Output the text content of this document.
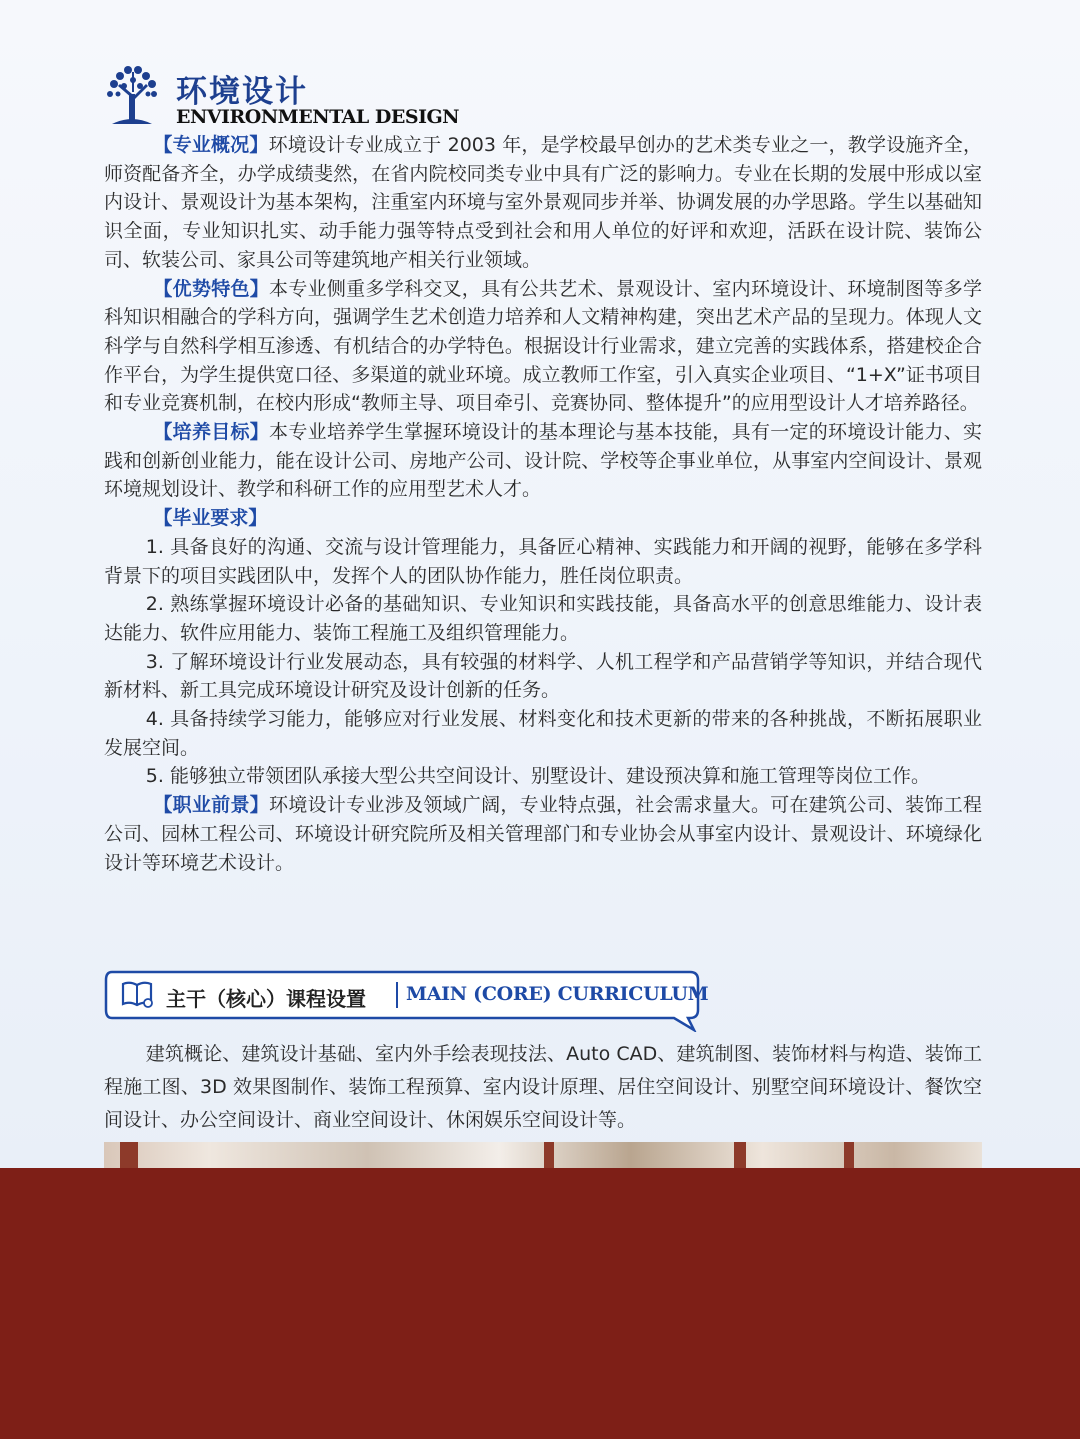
环境设计
ENVIRONMENTAL DESIGN

【专业概况】环境设计专业成立于 2003 年，是学校最早创办的艺术类专业之一，教学设施齐全，师资配备齐全，办学成绩斐然，在省内院校同类专业中具有广泛的影响力。专业在长期的发展中形成以室内设计、景观设计为基本架构，注重室内环境与室外景观同步并举、协调发展的办学思路。学生以基础知识全面，专业知识扎实、动手能力强等特点受到社会和用人单位的好评和欢迎，活跃在设计院、装饰公司、软装公司、家具公司等建筑地产相关行业领域。

【优势特色】本专业侧重多学科交叉，具有公共艺术、景观设计、室内环境设计、环境制图等多学科知识相融合的学科方向，强调学生艺术创造力培养和人文精神构建，突出艺术产品的呈现力。体现人文科学与自然科学相互渗透、有机结合的办学特色。根据设计行业需求，建立完善的实践体系，搭建校企合作平台，为学生提供宽口径、多渠道的就业环境。成立教师工作室，引入真实企业项目、“1+X”证书项目和专业竞赛机制，在校内形成“教师主导、项目牵引、竞赛协同、整体提升”的应用型设计人才培养路径。

【培养目标】本专业培养学生掌握环境设计的基本理论与基本技能，具有一定的环境设计能力、实践和创新创业能力，能在设计公司、房地产公司、设计院、学校等企事业单位，从事室内空间设计、景观环境规划设计、教学和科研工作的应用型艺术人才。

【毕业要求】

1. 具备良好的沟通、交流与设计管理能力，具备匠心精神、实践能力和开阔的视野，能够在多学科背景下的项目实践团队中，发挥个人的团队协作能力，胜任岗位职责。

2. 熟练掌握环境设计必备的基础知识、专业知识和实践技能，具备高水平的创意思维能力、设计表达能力、软件应用能力、装饰工程施工及组织管理能力。

3. 了解环境设计行业发展动态，具有较强的材料学、人机工程学和产品营销学等知识，并结合现代新材料、新工具完成环境设计研究及设计创新的任务。

4. 具备持续学习能力，能够应对行业发展、材料变化和技术更新的带来的各种挑战，不断拓展职业发展空间。

5. 能够独立带领团队承接大型公共空间设计、别墅设计、建设预决算和施工管理等岗位工作。

【职业前景】环境设计专业涉及领域广阔，专业特点强，社会需求量大。可在建筑公司、装饰工程公司、园林工程公司、环境设计研究院所及相关管理部门和专业协会从事室内设计、景观设计、环境绿化设计等环境艺术设计。

主干（核心）课程设置 MAIN (CORE) CURRICULUM

建筑概论、建筑设计基础、室内外手绘表现技法、Auto CAD、建筑制图、装饰材料与构造、装饰工程施工图、3D 效果图制作、装饰工程预算、室内设计原理、居住空间设计、别墅空间环境设计、餐饮空间设计、办公空间设计、商业空间设计、休闲娱乐空间设计等。
